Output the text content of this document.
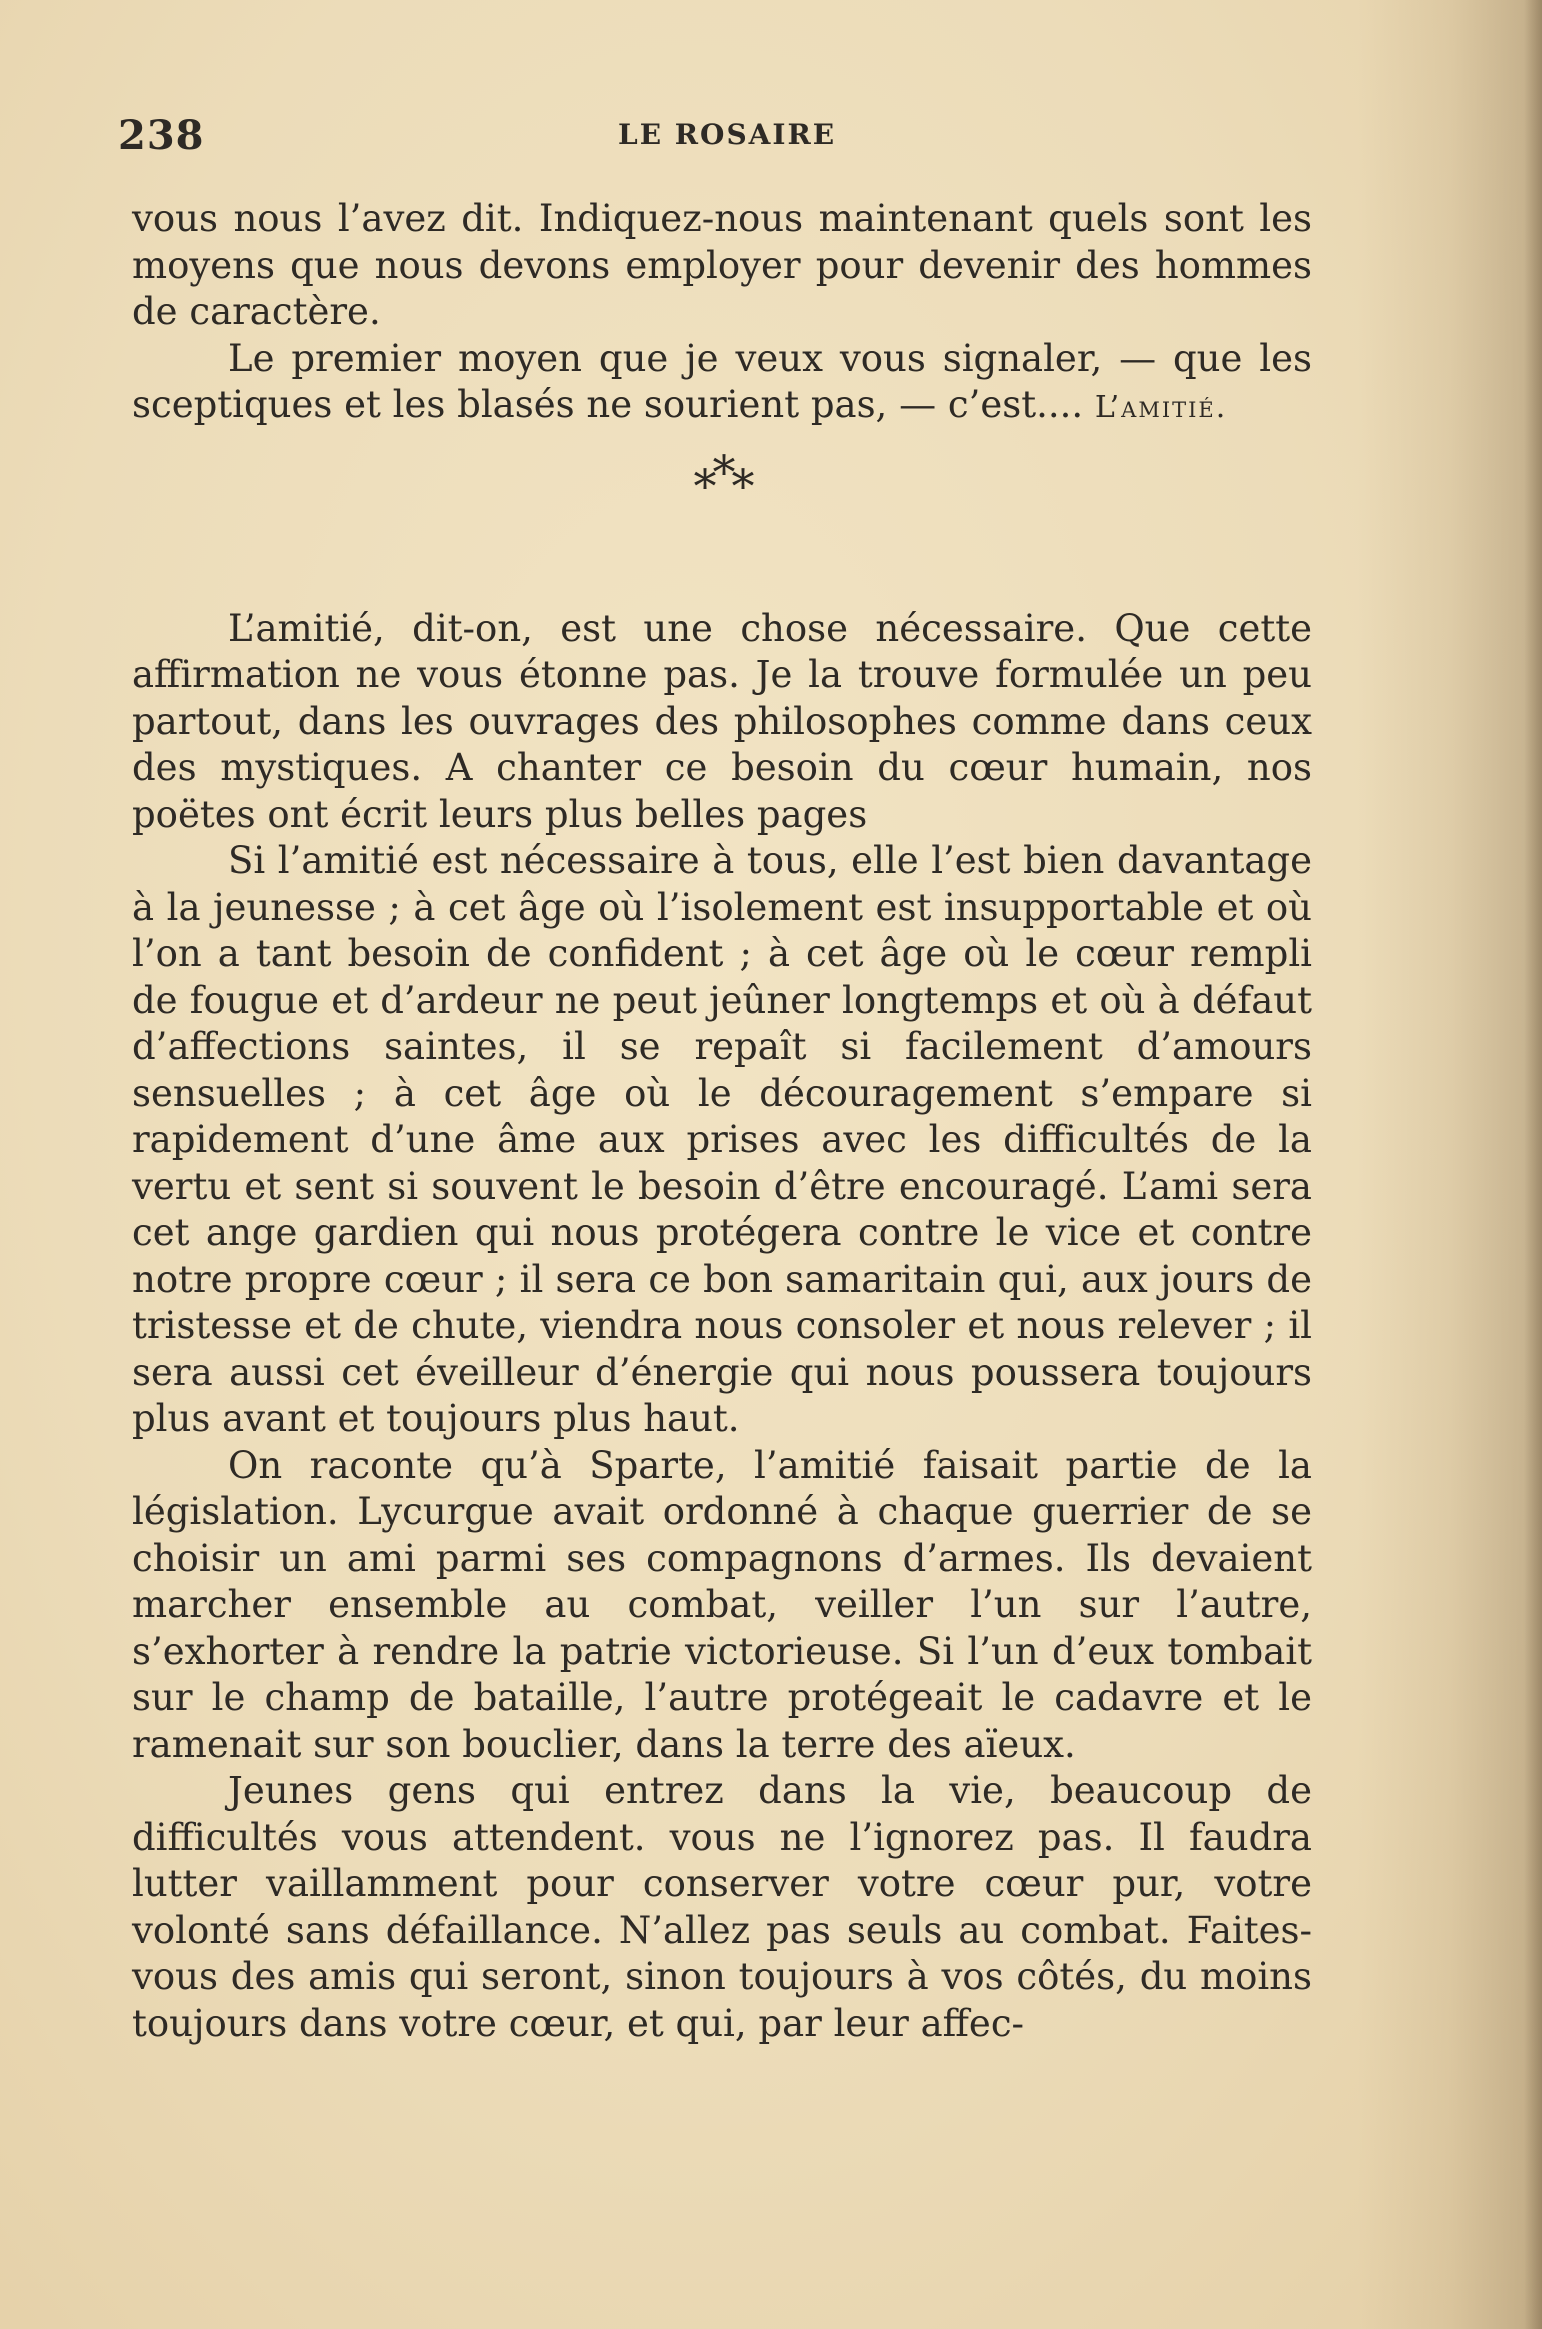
238	LE ROSAIRE

vous nous l’avez dit. Indiquez-nous maintenant quels sont les moyens que nous devons employer pour devenir des hommes de caractère.

Le premier moyen que je veux vous signaler, — que les sceptiques et les blasés ne sourient pas, — c’est.... L’amitié.

***

L’amitié, dit-on, est une chose nécessaire. Que cette affirmation ne vous étonne pas. Je la trouve formulée un peu partout, dans les ouvrages des philosophes comme dans ceux des mystiques. A chanter ce besoin du cœur humain, nos poëtes ont écrit leurs plus belles pages

Si l’amitié est nécessaire à tous, elle l’est bien davantage à la jeunesse ; à cet âge où l’isolement est insupportable et où l’on a tant besoin de confident ; à cet âge où le cœur rempli de fougue et d’ardeur ne peut jeûner longtemps et où à défaut d’affections saintes, il se repaît si facilement d’amours sensuelles ; à cet âge où le découragement s’empare si rapidement d’une âme aux prises avec les difficultés de la vertu et sent si souvent le besoin d’être encouragé. L’ami sera cet ange gardien qui nous protégera contre le vice et contre notre propre cœur ; il sera ce bon samaritain qui, aux jours de tristesse et de chute, viendra nous consoler et nous relever ; il sera aussi cet éveilleur d’énergie qui nous poussera toujours plus avant et toujours plus haut.

On raconte qu’à Sparte, l’amitié faisait partie de la législation. Lycurgue avait ordonné à chaque guerrier de se choisir un ami parmi ses compagnons d’armes. Ils devaient marcher ensemble au combat, veiller l’un sur l’autre, s’exhorter à rendre la patrie victorieuse. Si l’un d’eux tombait sur le champ de bataille, l’autre protégeait le cadavre et le ramenait sur son bouclier, dans la terre des aïeux.

Jeunes gens qui entrez dans la vie, beaucoup de difficultés vous attendent. vous ne l’ignorez pas. Il faudra lutter vaillamment pour conserver votre cœur pur, votre volonté sans défaillance. N’allez pas seuls au combat. Faites-vous des amis qui seront, sinon toujours à vos côtés, du moins toujours dans votre cœur, et qui, par leur affec-
